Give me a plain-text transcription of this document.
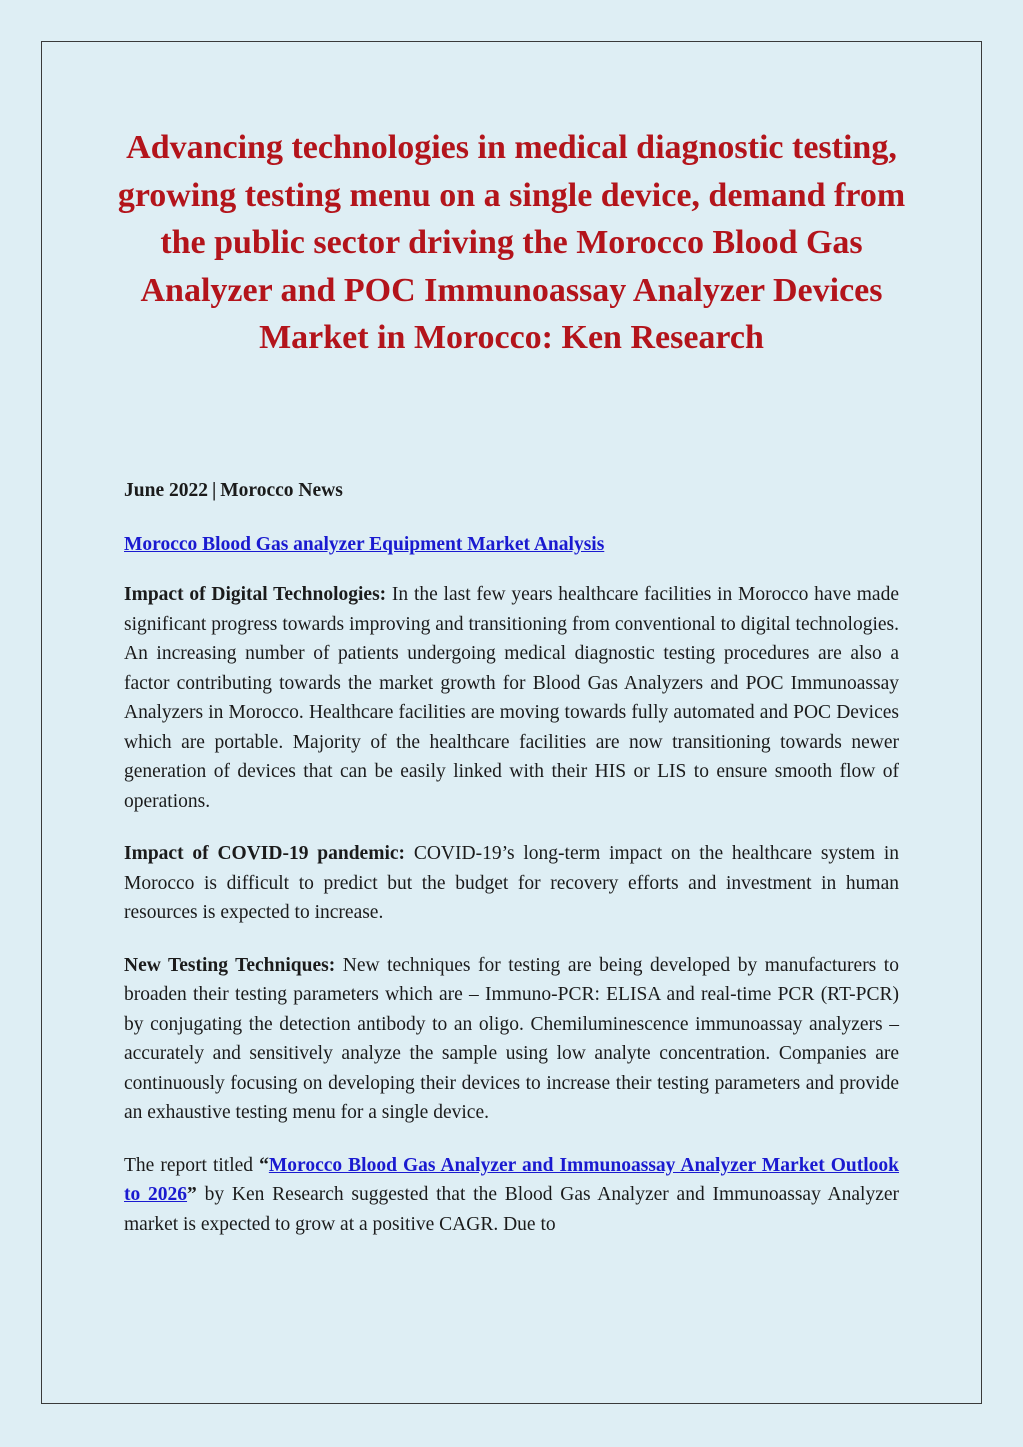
Advancing technologies in medical diagnostic testing, growing testing menu on a single device, demand from the public sector driving the Morocco Blood Gas Analyzer and POC Immunoassay Analyzer Devices Market in Morocco: Ken Research
June 2022 | Morocco News
Morocco Blood Gas analyzer Equipment Market Analysis

Impact of Digital Technologies: In the last few years healthcare facilities in Morocco have made significant progress towards improving and transitioning from conventional to digital technologies. An increasing number of patients undergoing medical diagnostic testing procedures are also a factor contributing towards the market growth for Blood Gas Analyzers and POC Immunoassay Analyzers in Morocco. Healthcare facilities are moving towards fully automated and POC Devices which are portable. Majority of the healthcare facilities are now transitioning towards newer generation of devices that can be easily linked with their HIS or LIS to ensure smooth flow of operations.

Impact of COVID-19 pandemic: COVID-19’s long-term impact on the healthcare system in Morocco is difficult to predict but the budget for recovery efforts and investment in human resources is expected to increase.

New Testing Techniques: New techniques for testing are being developed by manufacturers to broaden their testing parameters which are – Immuno-PCR: ELISA and real-time PCR (RT-PCR) by conjugating the detection antibody to an oligo. Chemiluminescence immunoassay analyzers – accurately and sensitively analyze the sample using low analyte concentration. Companies are continuously focusing on developing their devices to increase their testing parameters and provide an exhaustive testing menu for a single device.

The report titled “Morocco Blood Gas Analyzer and Immunoassay Analyzer Market Outlook to 2026” by Ken Research suggested that the Blood Gas Analyzer and Immunoassay Analyzer market is expected to grow at a positive CAGR. Due to
